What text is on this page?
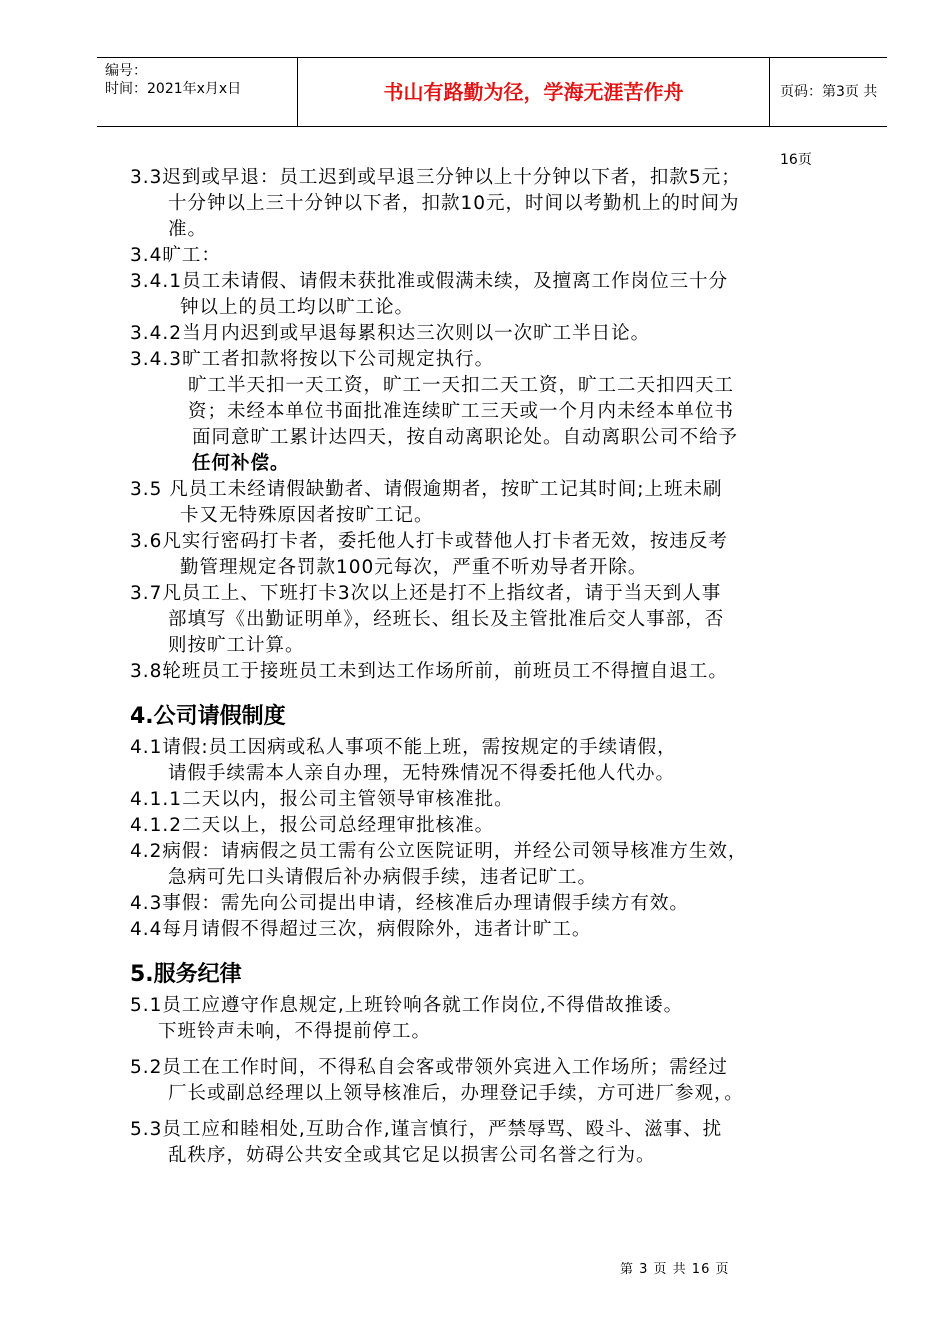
编号：
时间：2021年x月x日	书山有路勤为径，学海无涯苦作舟	页码：第3页 共16页
3.3迟到或早退：员工迟到或早退三分钟以上十分钟以下者，扣款5元；
十分钟以上三十分钟以下者，扣款10元，时间以考勤机上的时间为
准。
3.4旷工：
3.4.1员工未请假、请假未获批准或假满未续，及擅离工作岗位三十分
钟以上的员工均以旷工论。
3.4.2当月内迟到或早退每累积达三次则以一次旷工半日论。
3.4.3旷工者扣款将按以下公司规定执行。
旷工半天扣一天工资，旷工一天扣二天工资，旷工二天扣四天工
资；未经本单位书面批准连续旷工三天或一个月内未经本单位书
面同意旷工累计达四天，按自动离职论处。自动离职公司不给予
任何补偿。
3.5 凡员工未经请假缺勤者、请假逾期者，按旷工记其时间;上班未刷
卡又无特殊原因者按旷工记。
3.6凡实行密码打卡者，委托他人打卡或替他人打卡者无效，按违反考
勤管理规定各罚款100元每次，严重不听劝导者开除。
3.7凡员工上、下班打卡3次以上还是打不上指纹者，请于当天到人事
部填写《出勤证明单》，经班长、组长及主管批准后交人事部，否
则按旷工计算。
3.8轮班员工于接班员工未到达工作场所前，前班员工不得擅自退工。
4.公司请假制度
4.1请假:员工因病或私人事项不能上班，需按规定的手续请假，
请假手续需本人亲自办理，无特殊情况不得委托他人代办。
4.1.1二天以内，报公司主管领导审核准批。
4.1.2二天以上，报公司总经理审批核准。
4.2病假：请病假之员工需有公立医院证明，并经公司领导核准方生效，
急病可先口头请假后补办病假手续，违者记旷工。
4.3事假：需先向公司提出申请，经核准后办理请假手续方有效。
4.4每月请假不得超过三次，病假除外，违者计旷工。
5.服务纪律
5.1员工应遵守作息规定,上班铃响各就工作岗位,不得借故推诿。
下班铃声未响，不得提前停工。
5.2员工在工作时间，不得私自会客或带领外宾进入工作场所；需经过
厂长或副总经理以上领导核准后，办理登记手续，方可进厂参观，。
5.3员工应和睦相处,互助合作,谨言慎行，严禁辱骂、殴斗、滋事、扰
乱秩序，妨碍公共安全或其它足以损害公司名誉之行为。
第 3 页 共 16 页
